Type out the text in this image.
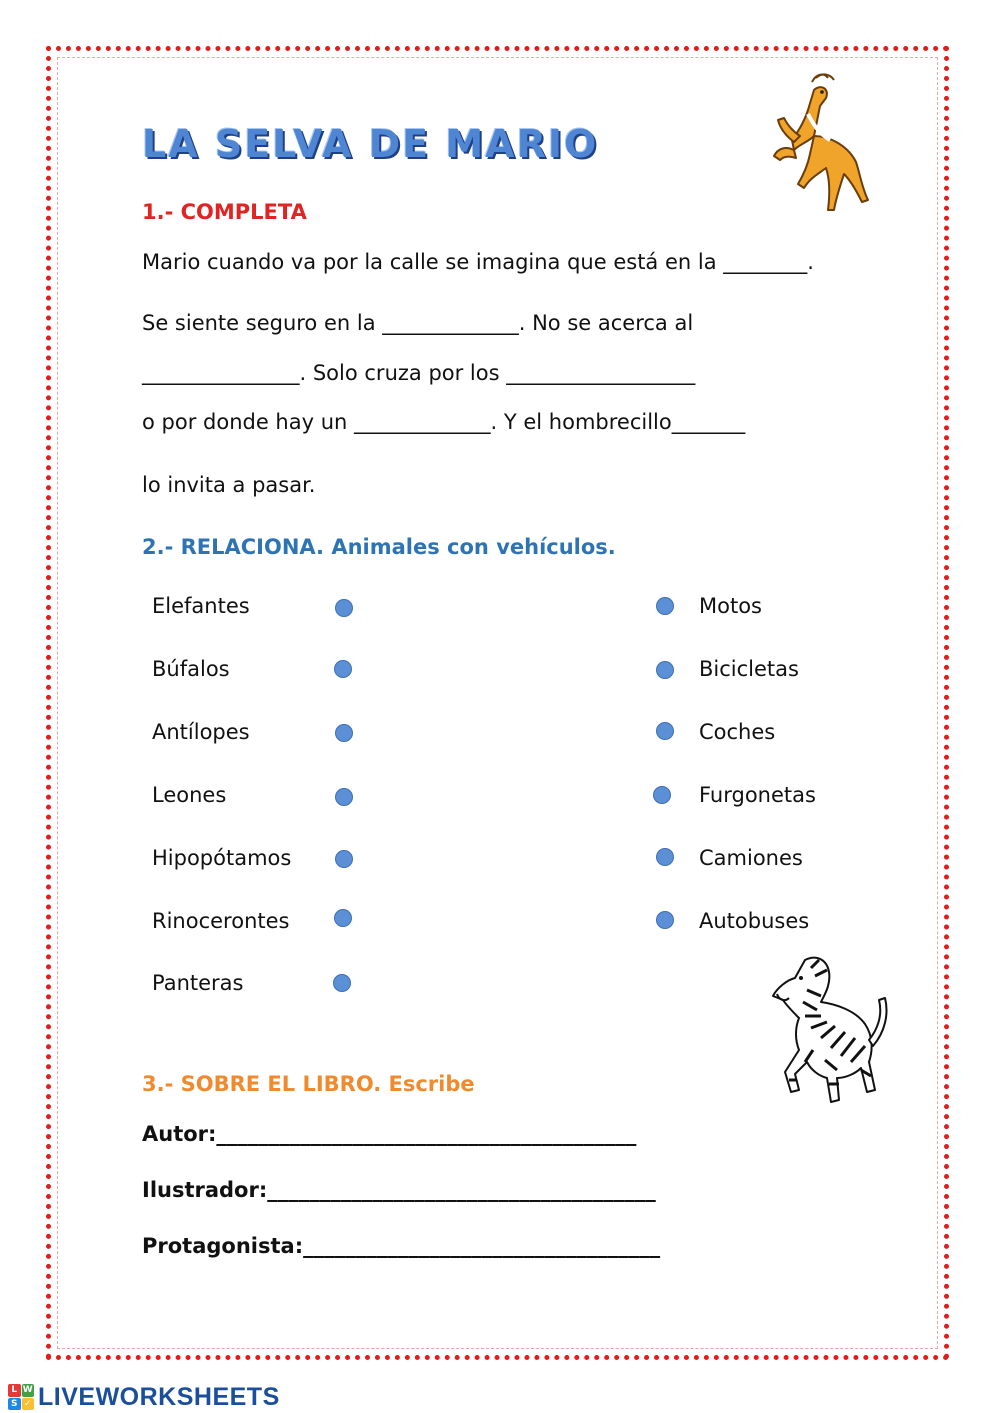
LA SELVA DE MARIO
1.- COMPLETA
Mario cuando va por la calle se imagina que está en la ________.
Se siente seguro en la _____________. No se acerca al
_______________. Solo cruza por los __________________
o por donde hay un _____________. Y el hombrecillo_______
lo invita a pasar.
2.- RELACIONA. Animales con vehículos.
Elefantes
Búfalos
Antílopes
Leones
Hipopótamos
Rinocerontes
Panteras
Motos
Bicicletas
Coches
Furgonetas
Camiones
Autobuses
3.- SOBRE EL LIBRO. Escribe
Autor:________________________________________
Ilustrador:_____________________________________
Protagonista:__________________________________
L W
S ✓ LIVEWORKSHEETS
